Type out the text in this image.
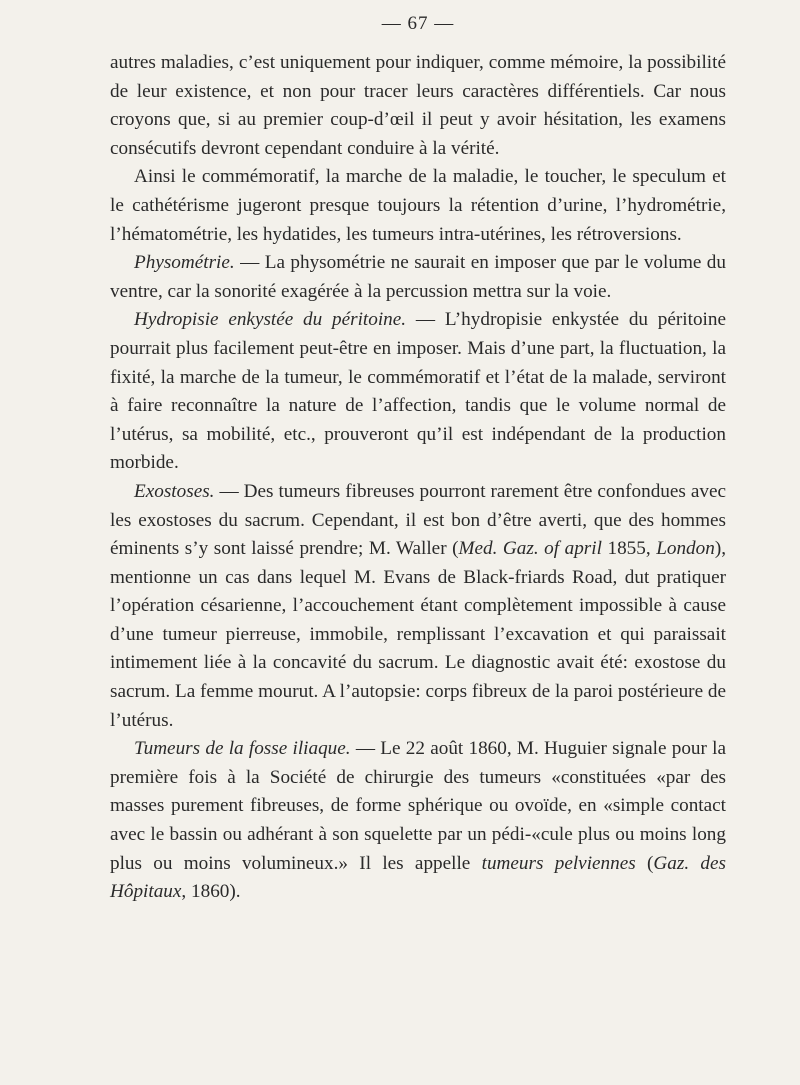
— 67 —

autres maladies, c’est uniquement pour indiquer, comme mémoire, la possibilité de leur existence, et non pour tracer leurs caractères différentiels. Car nous croyons que, si au premier coup-d’œil il peut y avoir hésitation, les examens consécutifs devront cependant conduire à la vérité.

Ainsi le commémoratif, la marche de la maladie, le toucher, le speculum et le cathétérisme jugeront presque toujours la rétention d’urine, l’hydrométrie, l’hématométrie, les hydatides, les tumeurs intra-utérines, les rétroversions.

Physométrie. — La physométrie ne saurait en imposer que par le volume du ventre, car la sonorité exagérée à la percussion mettra sur la voie.

Hydropisie enkystée du péritoine. — L’hydropisie enkystée du péritoine pourrait plus facilement peut-être en imposer. Mais d’une part, la fluctuation, la fixité, la marche de la tumeur, le commémoratif et l’état de la malade, serviront à faire reconnaître la nature de l’affection, tandis que le volume normal de l’utérus, sa mobilité, etc., prouveront qu’il est indépendant de la production morbide.

Exostoses. — Des tumeurs fibreuses pourront rarement être confondues avec les exostoses du sacrum. Cependant, il est bon d’être averti, que des hommes éminents s’y sont laissé prendre; M. Waller (Med. Gaz. of april 1855, London), mentionne un cas dans lequel M. Evans de Black-friards Road, dut pratiquer l’opération césarienne, l’accouchement étant complètement impossible à cause d’une tumeur pierreuse, immobile, remplissant l’excavation et qui paraissait intimement liée à la concavité du sacrum. Le diagnostic avait été: exostose du sacrum. La femme mourut. A l’autopsie: corps fibreux de la paroi postérieure de l’utérus.

Tumeurs de la fosse iliaque. — Le 22 août 1860, M. Huguier signale pour la première fois à la Société de chirurgie des tumeurs «constituées «par des masses purement fibreuses, de forme sphérique ou ovoïde, en «simple contact avec le bassin ou adhérant à son squelette par un pédi-«cule plus ou moins long plus ou moins volumineux.» Il les appelle tumeurs pelviennes (Gaz. des Hôpitaux, 1860).
